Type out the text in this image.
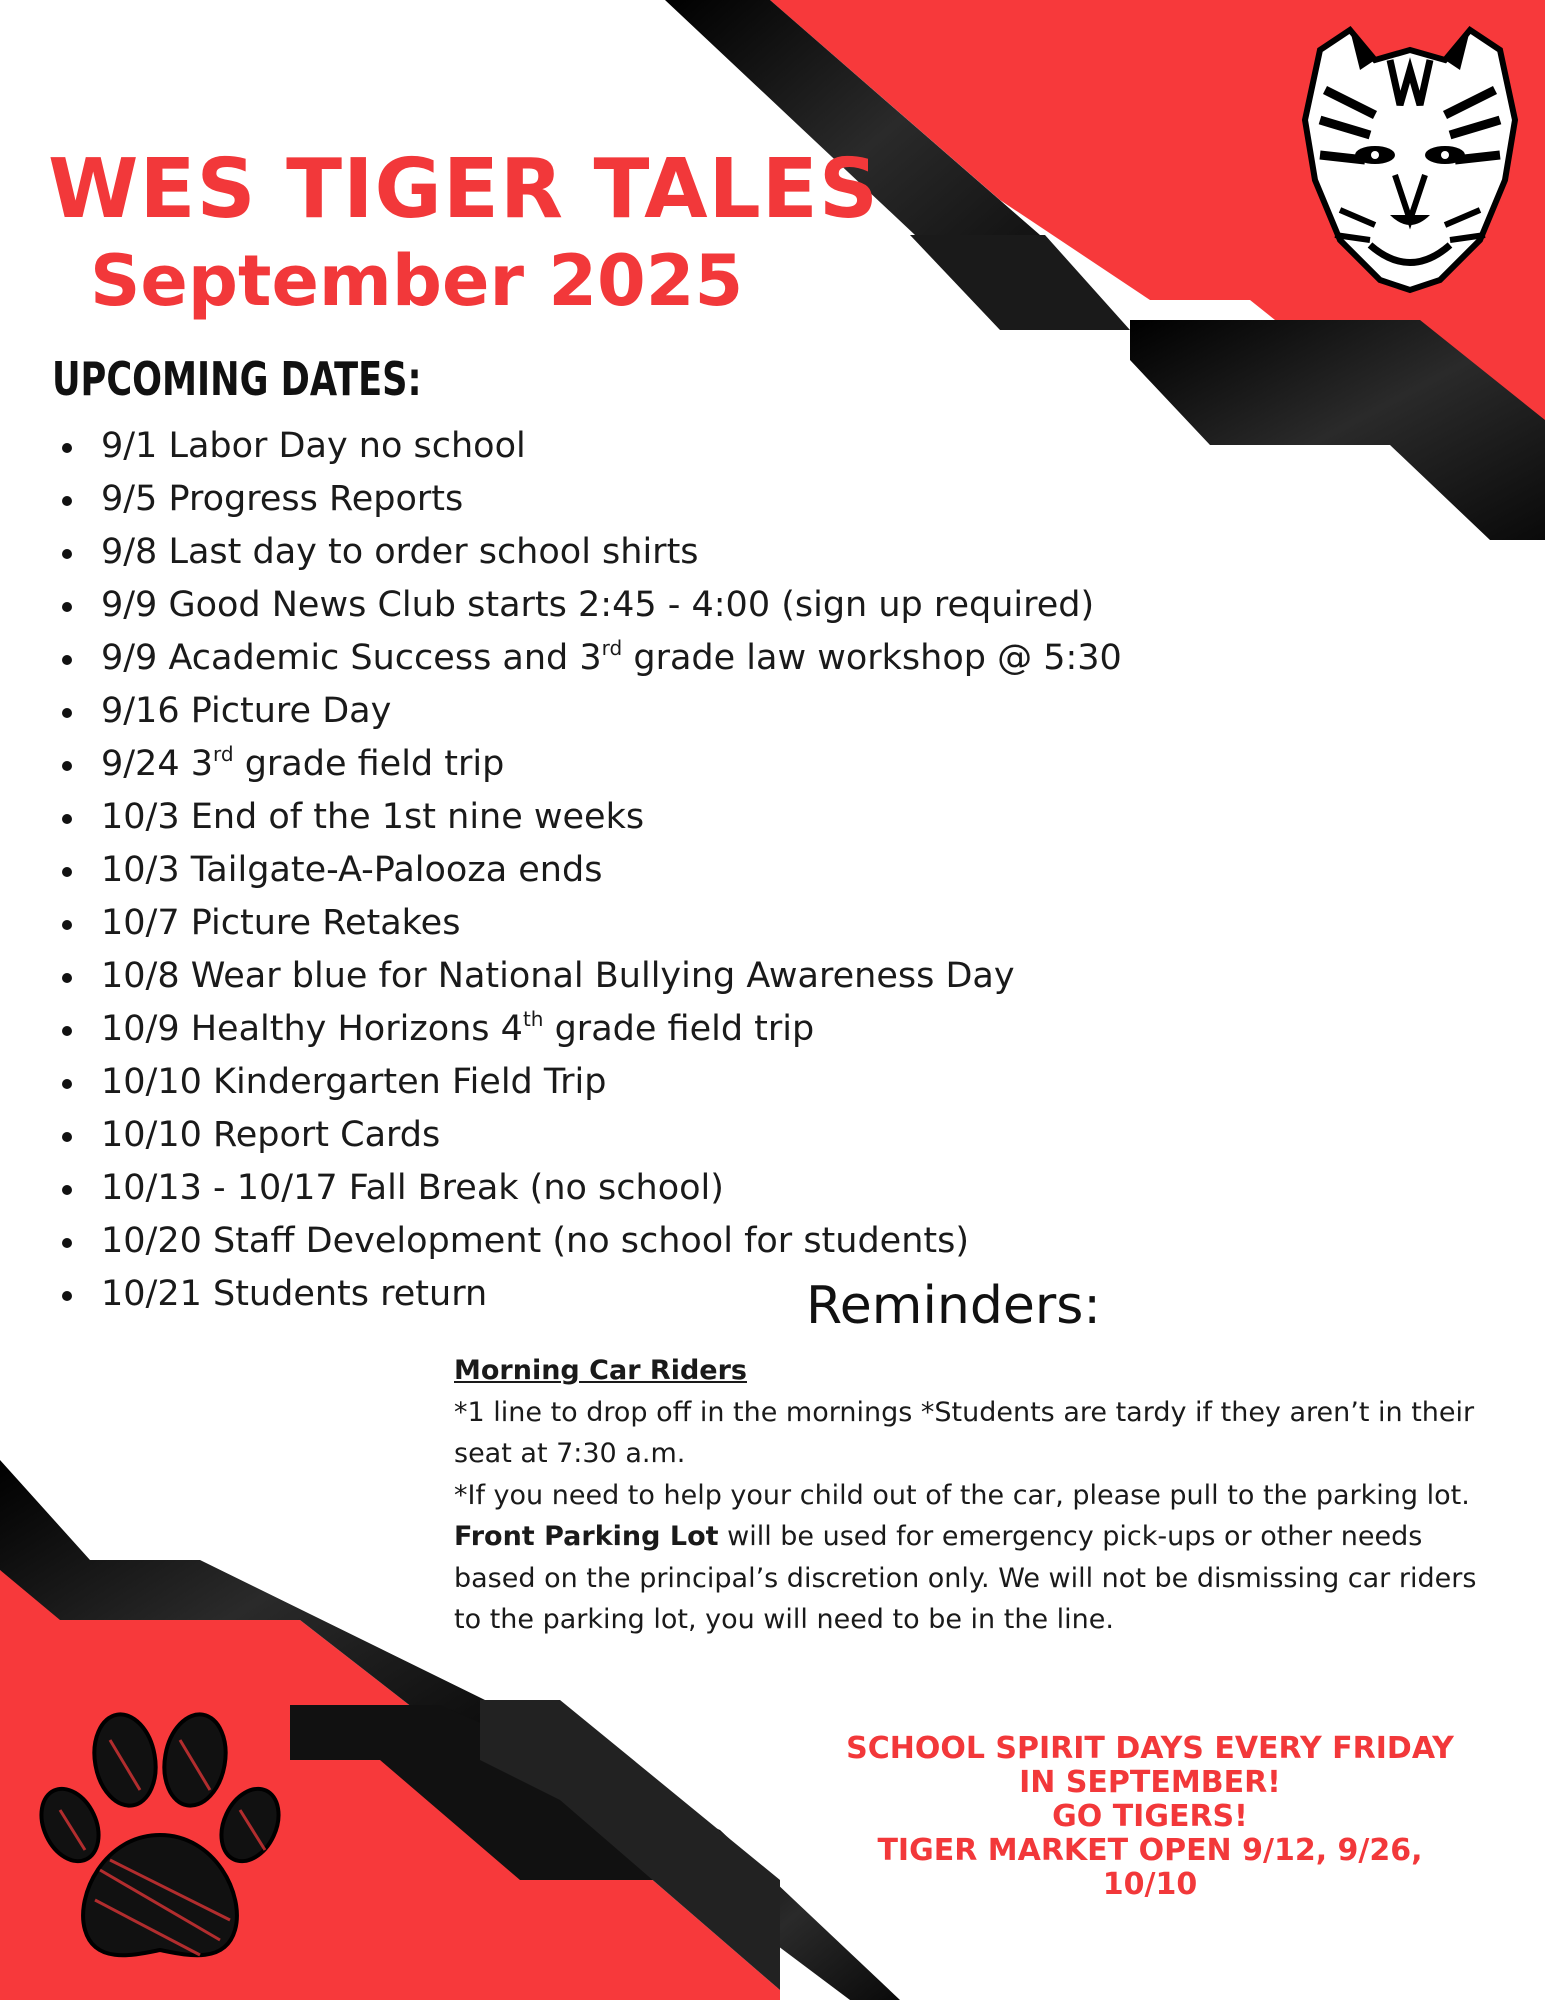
WES TIGER TALES
September 2025
UPCOMING DATES:
9/1 Labor Day no school
9/5 Progress Reports
9/8 Last day to order school shirts
9/9 Good News Club starts 2:45 - 4:00 (sign up required)
9/9 Academic Success and 3rd grade law workshop @ 5:30
9/16 Picture Day
9/24 3rd grade field trip
10/3 End of the 1st nine weeks
10/3 Tailgate-A-Palooza ends
10/7 Picture Retakes
10/8 Wear blue for National Bullying Awareness Day
10/9 Healthy Horizons 4th grade field trip
10/10 Kindergarten Field Trip
10/10 Report Cards
10/13 - 10/17 Fall Break (no school)
10/20 Staff Development (no school for students)
10/21 Students return	Reminders:

Morning Car Riders

*1 line to drop off in the mornings *Students are tardy if they aren’t in their seat at 7:30 a.m.

*If you need to help your child out of the car, please pull to the parking lot.

Front Parking Lot will be used for emergency pick-ups or other needs based on the principal’s discretion only. We will not be dismissing car riders to the parking lot, you will need to be in the line.

SCHOOL SPIRIT DAYS EVERY FRIDAY
IN SEPTEMBER!
GO TIGERS!
TIGER MARKET OPEN 9/12, 9/26,
10/10
